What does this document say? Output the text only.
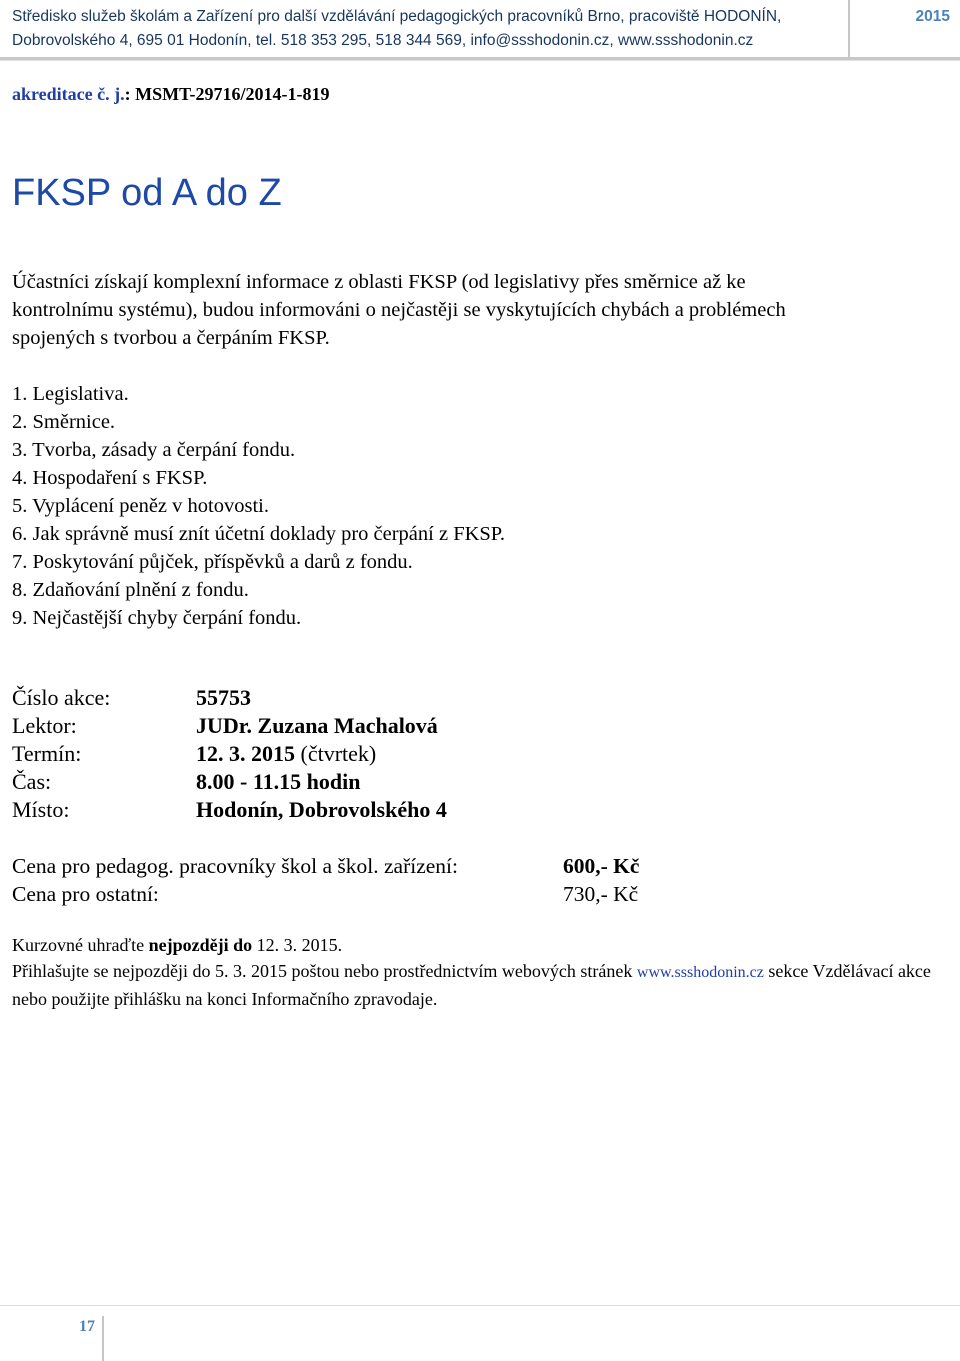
Středisko služeb školám a Zařízení pro další vzdělávání pedagogických pracovníků Brno, pracoviště HODONÍN,
Dobrovolského 4, 695 01 Hodonín, tel. 518 353 295, 518 344 569, info@ssshodonin.cz, www.ssshodonin.cz
2015
akreditace č. j.: MSMT-29716/2014-1-819
FKSP od A do Z
Účastníci získají komplexní informace z oblasti FKSP (od legislativy přes směrnice až ke kontrolnímu systému), budou informováni o nejčastěji se vyskytujících chybách a problémech spojených s tvorbou a čerpáním FKSP.
1. Legislativa.
2. Směrnice.
3. Tvorba, zásady a čerpání fondu.
4. Hospodaření s FKSP.
5. Vyplácení peněz v hotovosti.
6. Jak správně musí znít účetní doklady pro čerpání z FKSP.
7. Poskytování půjček, příspěvků a darů z fondu.
8. Zdaňování plnění z fondu.
9. Nejčastější chyby čerpání fondu.
Číslo akce:	55753
Lektor:	JUDr. Zuzana Machalová
Termín:	12. 3. 2015 (čtvrtek)
Čas:	8.00 - 11.15 hodin
Místo:	Hodonín, Dobrovolského 4
Cena pro pedagog. pracovníky škol a škol. zařízení:	600,- Kč
Cena pro ostatní:	730,- Kč
Kurzovné uhraďte nejpozději do 12. 3. 2015.
Přihlašujte se nejpozději do 5. 3. 2015 poštou nebo prostřednictvím webových stránek www.ssshodonin.cz sekce Vzdělávací akce nebo použijte přihlášku na konci Informačního zpravodaje.
17
